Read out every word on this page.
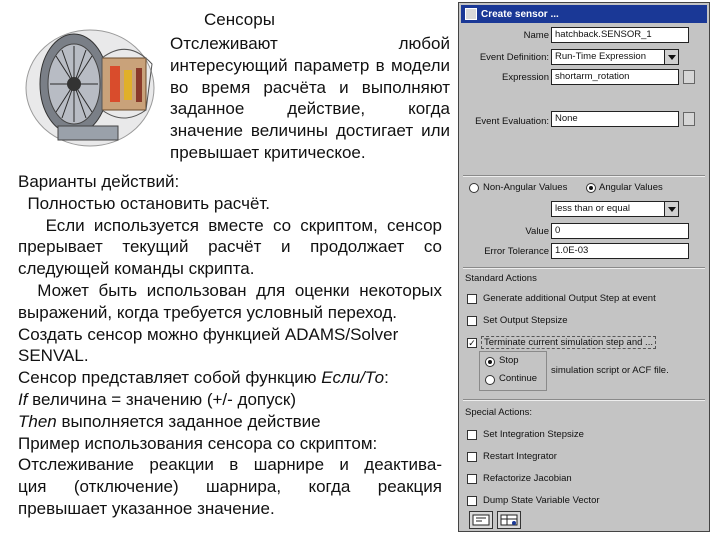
Сенсоры

Отслеживают любой интересующий параметр в модели во время расчёта и выполняют заданное действие, когда значение величины достигает или превышает критическое.

Варианты действий:
Полностью остановить расчёт.
Если используется вместе со скриптом, сенсор
прерывает текущий расчёт и продолжает со
следующей команды скрипта.
Может быть использован для оценки некоторых
выражений, когда требуется условный переход.
Создать сенсор можно функцией ADAMS/Solver
SENVAL.
Сенсор представляет собой функцию Если/То:
If величина = значению (+/- допуск)
Then выполняется заданное действие
Пример использования сенсора со скриптом:
Отслеживание реакции в шарнире и деактива-
ция (отключение) шарнира, когда реакция
превышает указанное значение.
Create sensor ...
Name hatchback.SENSOR_1
Event Definition: Run-Time Expression
Expression shortarm_rotation
Event Evaluation: None
Non-Angular Values	Angular Values
less than or equal
Value 0
Error Tolerance 1.0E-03
Standard Actions
Generate additional Output Step at event
Set Output Stepsize
✓ Terminate current simulation step and ...
Stop
Continue
simulation script or ACF file.
Special Actions:
Set Integration Stepsize
Restart Integrator
Refactorize Jacobian
Dump State Variable Vector
